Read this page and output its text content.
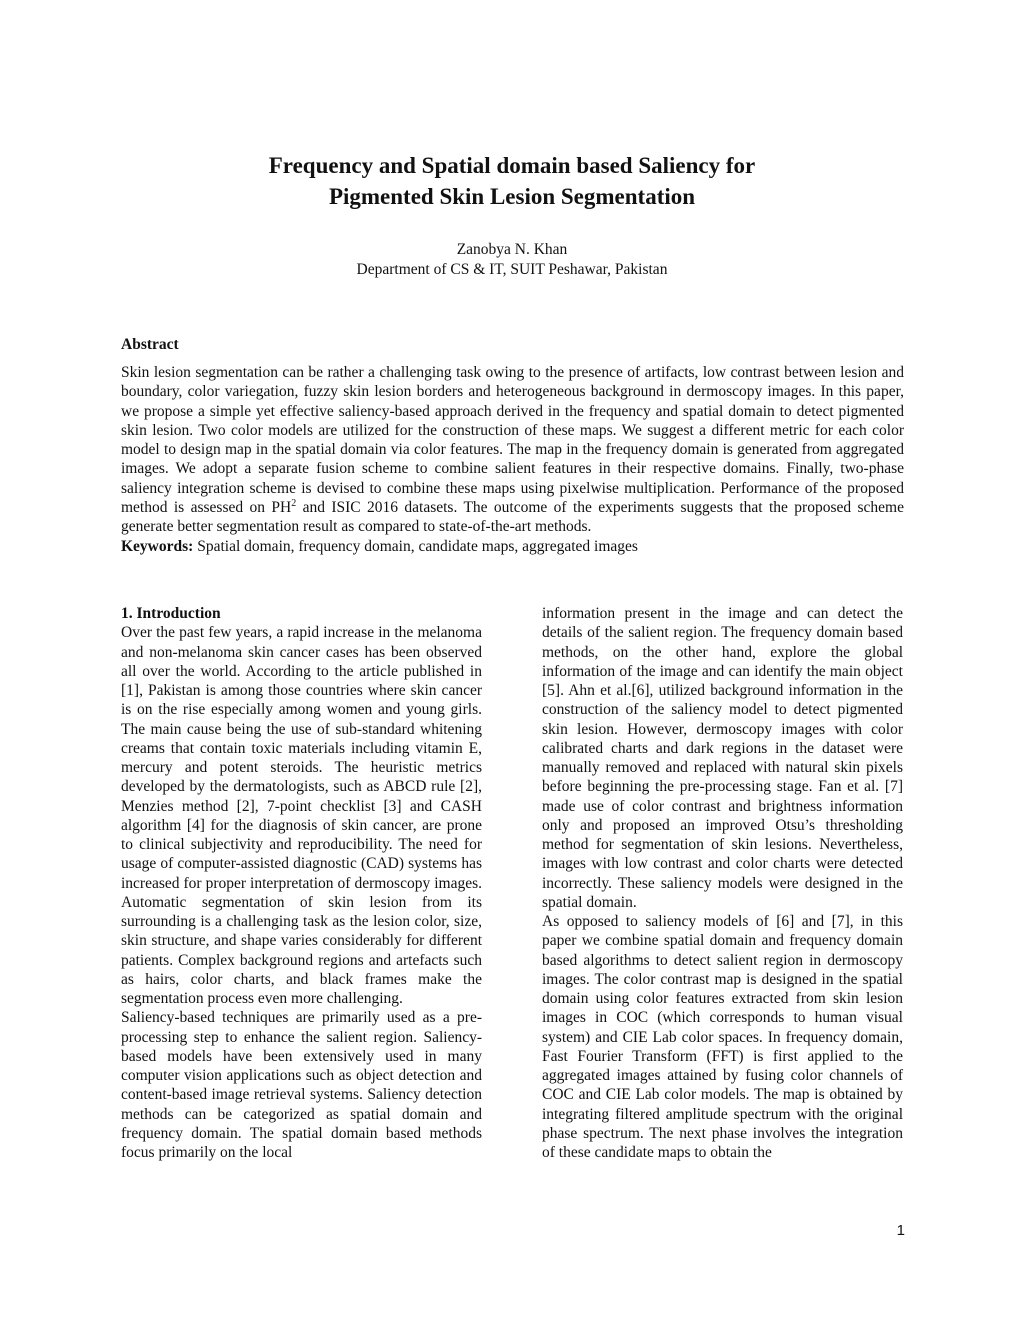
Frequency and Spatial domain based Saliency for
Pigmented Skin Lesion Segmentation
Zanobya N. Khan
Department of CS & IT, SUIT Peshawar, Pakistan
Abstract

Skin lesion segmentation can be rather a challenging task owing to the presence of artifacts, low contrast between lesion and boundary, color variegation, fuzzy skin lesion borders and heterogeneous background in dermoscopy images. In this paper, we propose a simple yet effective saliency-based approach derived in the frequency and spatial domain to detect pigmented skin lesion. Two color models are utilized for the construction of these maps. We suggest a different metric for each color model to design map in the spatial domain via color features. The map in the frequency domain is generated from aggregated images. We adopt a separate fusion scheme to combine salient features in their respective domains. Finally, two-phase saliency integration scheme is devised to combine these maps using pixelwise multiplication. Performance of the proposed method is assessed on $PH^2$ and ISIC 2016 datasets. The outcome of the experiments suggests that the proposed scheme generate better segmentation result as compared to state-of-the-art methods.

Keywords: Spatial domain, frequency domain, candidate maps, aggregated images

1. Introduction

Over the past few years, a rapid increase in the melanoma and non-melanoma skin cancer cases has been observed all over the world. According to the article published in [1], Pakistan is among those countries where skin cancer is on the rise especially among women and young girls. The main cause being the use of sub-standard whitening creams that contain toxic materials including vitamin E, mercury and potent steroids. The heuristic metrics developed by the dermatologists, such as ABCD rule [2], Menzies method [2], 7-point checklist [3] and CASH algorithm [4] for the diagnosis of skin cancer, are prone to clinical subjectivity and reproducibility. The need for usage of computer-assisted diagnostic (CAD) systems has increased for proper interpretation of dermoscopy images. Automatic segmentation of skin lesion from its surrounding is a challenging task as the lesion color, size, skin structure, and shape varies considerably for different patients. Complex background regions and artefacts such as hairs, color charts, and black frames make the segmentation process even more challenging.

Saliency-based techniques are primarily used as a pre-processing step to enhance the salient region. Saliency-based models have been extensively used in many computer vision applications such as object detection and content-based image retrieval systems. Saliency detection methods can be categorized as spatial domain and frequency domain. The spatial domain based methods focus primarily on the local

information present in the image and can detect the details of the salient region. The frequency domain based methods, on the other hand, explore the global information of the image and can identify the main object [5]. Ahn et al.[6], utilized background information in the construction of the saliency model to detect pigmented skin lesion. However, dermoscopy images with color calibrated charts and dark regions in the dataset were manually removed and replaced with natural skin pixels before beginning the pre-processing stage. Fan et al. [7] made use of color contrast and brightness information only and proposed an improved Otsu’s thresholding method for segmentation of skin lesions. Nevertheless, images with low contrast and color charts were detected incorrectly. These saliency models were designed in the spatial domain.

As opposed to saliency models of [6] and [7], in this paper we combine spatial domain and frequency domain based algorithms to detect salient region in dermoscopy images. The color contrast map is designed in the spatial domain using color features extracted from skin lesion images in COC (which corresponds to human visual system) and CIE Lab color spaces. In frequency domain, Fast Fourier Transform (FFT) is first applied to the aggregated images attained by fusing color channels of COC and CIE Lab color models. The map is obtained by integrating filtered amplitude spectrum with the original phase spectrum. The next phase involves the integration of these candidate maps to obtain the

1
